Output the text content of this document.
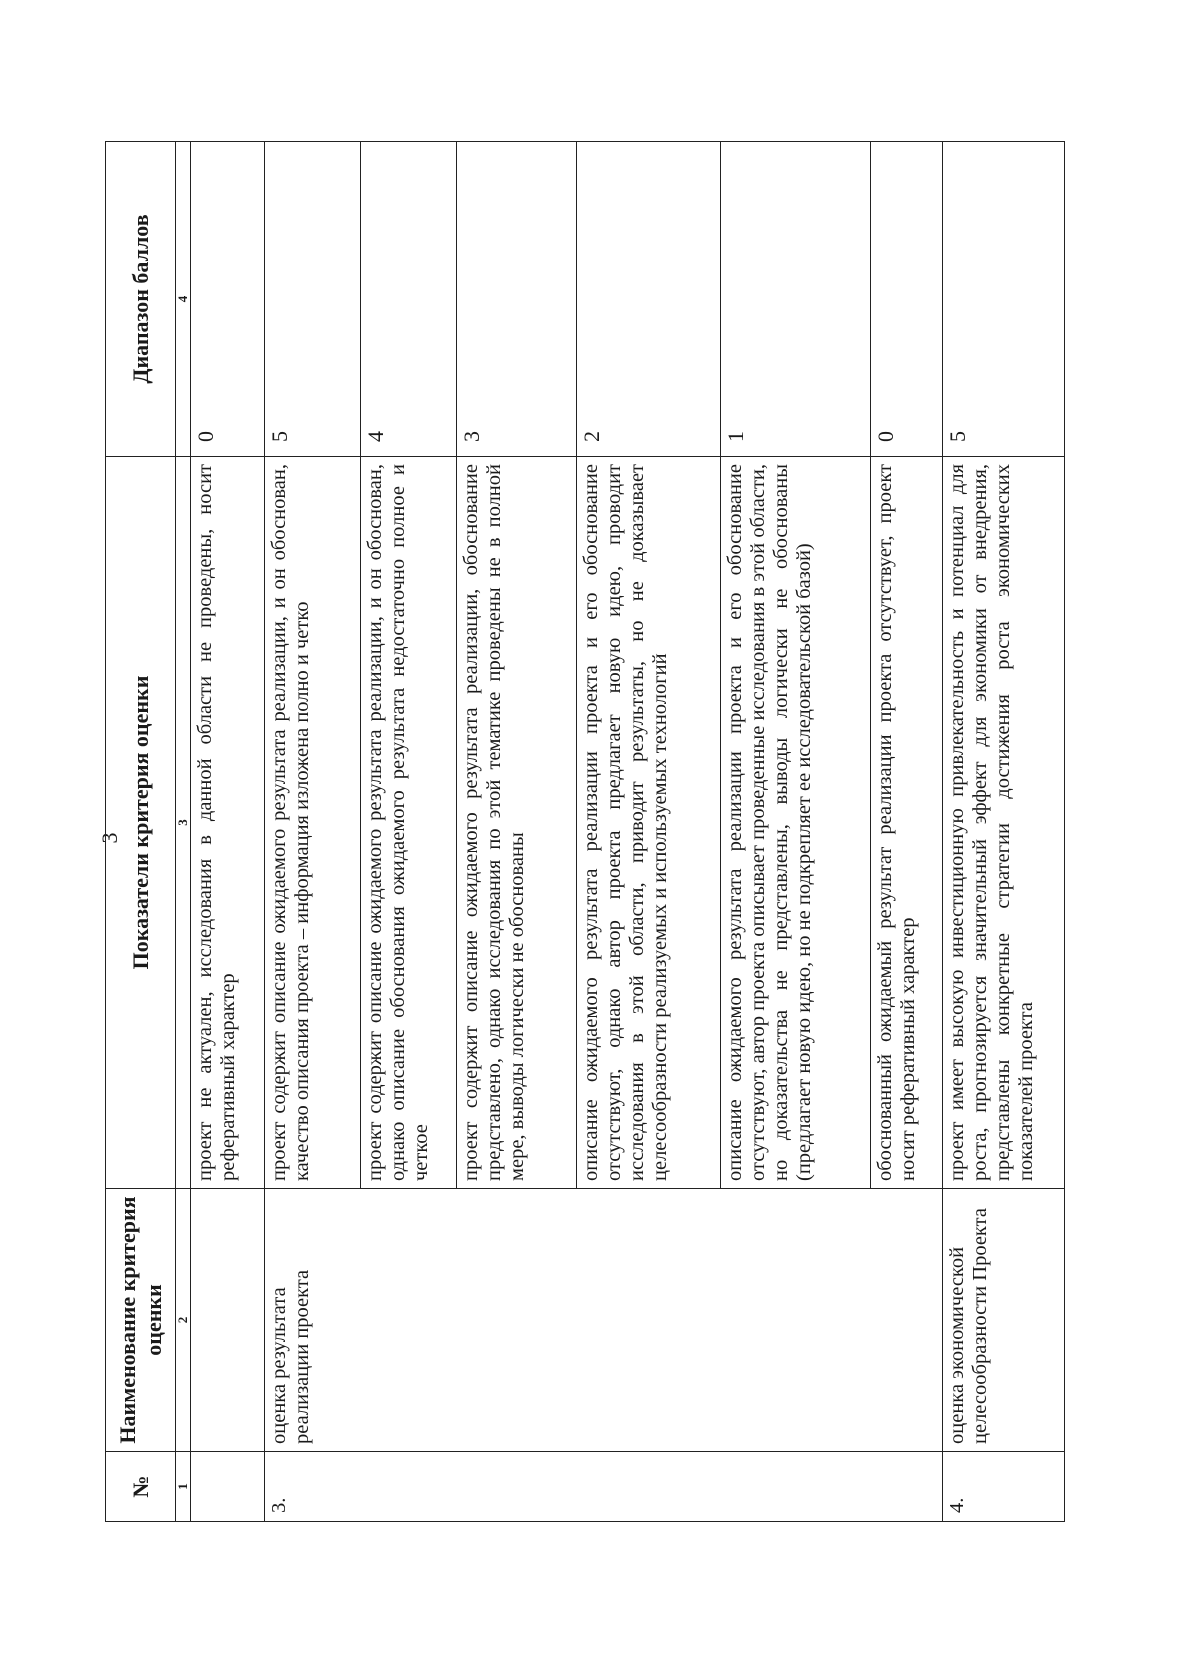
3
№	Наименование критерия оценки	Показатели критерия оценки	Диапазон баллов
1	2	3	4
		проект не актуален, исследования в данной области не проведены, носит реферативный характер	0
3.	оценка результата реализации проекта	проект содержит описание ожидаемого результата реализации, и он обоснован, качество описания проекта – информация изложена полно и четко	5
		проект содержит описание ожидаемого результата реализации, и он обоснован, однако описание обоснования ожидаемого результата недостаточно полное и четкое	4
		проект содержит описание ожидаемого результата реализации, обоснование представлено, однако исследования по этой тематике проведены не в полной мере, выводы логически не обоснованы	3
		описание ожидаемого результата реализации проекта и его обоснование отсутствуют, однако автор проекта предлагает новую идею, проводит исследования в этой области, приводит результаты, но не доказывает целесообразности реализуемых и используемых технологий	2
		описание ожидаемого результата реализации проекта и его обоснование отсутствуют, автор проекта описывает проведенные исследования в этой области, но доказательства не представлены, выводы логически не обоснованы (предлагает новую идею, но не подкрепляет ее исследовательской базой)	1
		обоснованный ожидаемый результат реализации проекта отсутствует, проект носит реферативный характер	0
4.	оценка экономической целесообразности Проекта	проект имеет высокую инвестиционную привлекательность и потенциал для роста, прогнозируется значительный эффект для экономики от внедрения, представлены конкретные стратегии достижения роста экономических показателей проекта	5
